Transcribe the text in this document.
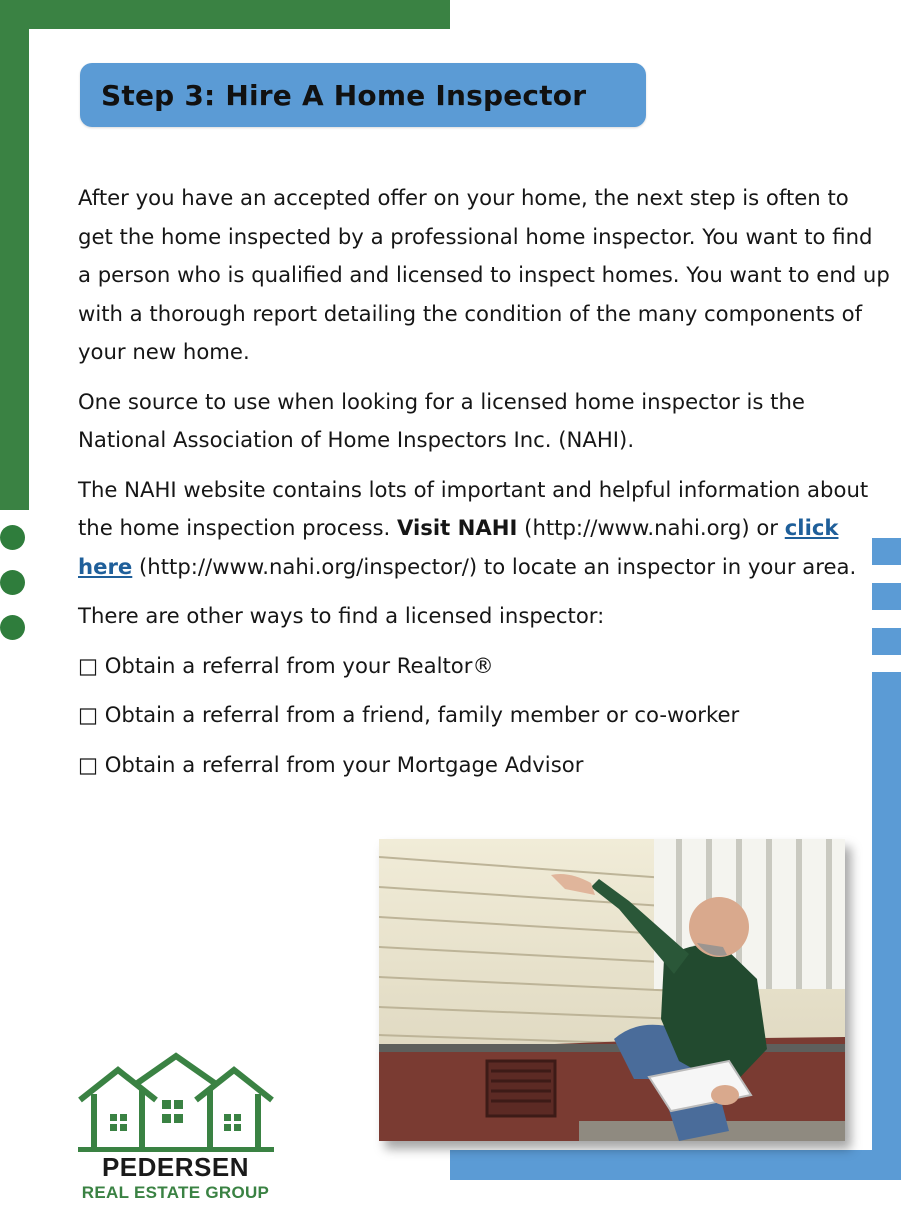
Step 3: Hire A Home Inspector

After you have an accepted offer on your home, the next step is often to get the home inspected by a professional home inspector. You want to find a person who is qualified and licensed to inspect homes. You want to end up with a thorough report detailing the condition of the many components of your new home.

One source to use when looking for a licensed home inspector is the National Association of Home Inspectors Inc. (NAHI).

The NAHI website contains lots of important and helpful information about the home inspection process. Visit NAHI (http://www.nahi.org) or click here (http://www.nahi.org/inspector/) to locate an inspector in your area.

There are other ways to find a licensed inspector:

□ Obtain a referral from your Realtor®

□ Obtain a referral from a friend, family member or co-worker

□ Obtain a referral from your Mortgage Advisor

PEDERSEN
REAL ESTATE GROUP
